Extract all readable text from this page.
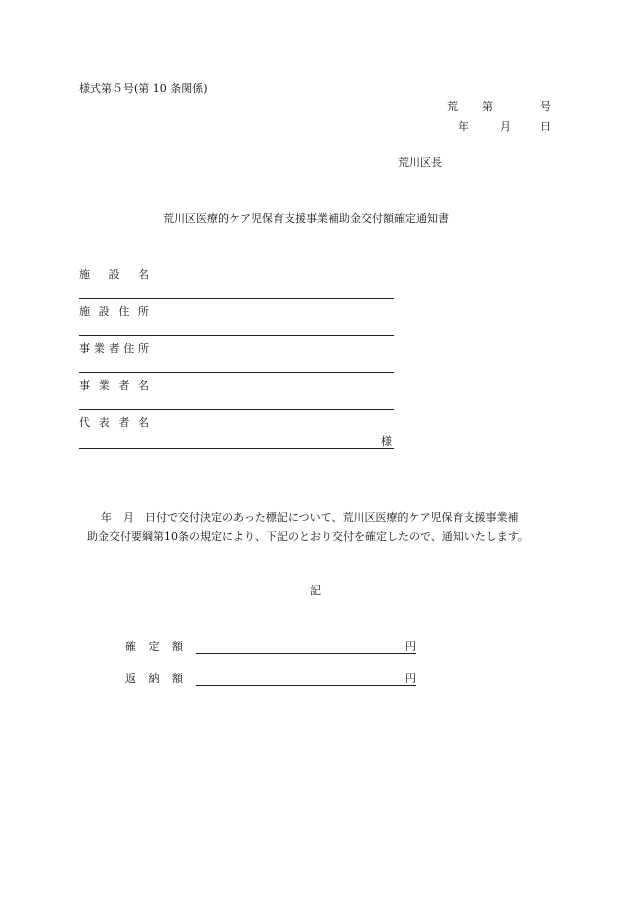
様式第５号(第 10 条関係)
荒 第	号
年	月	日
荒川区長
荒川区医療的ケア児保育支援事業補助金交付額確定通知書
施 設 名
施 設 住 所
事 業 者 住 所
事 業 者 名
代 表 者 名
様
　　年　月　日付で交付決定のあった標記について、荒川区医療的ケア児保育支援事業補
助金交付要綱第10条の規定により、下記のとおり交付を確定したので、通知いたします。
記
確 定 額	円
返 納 額	円
